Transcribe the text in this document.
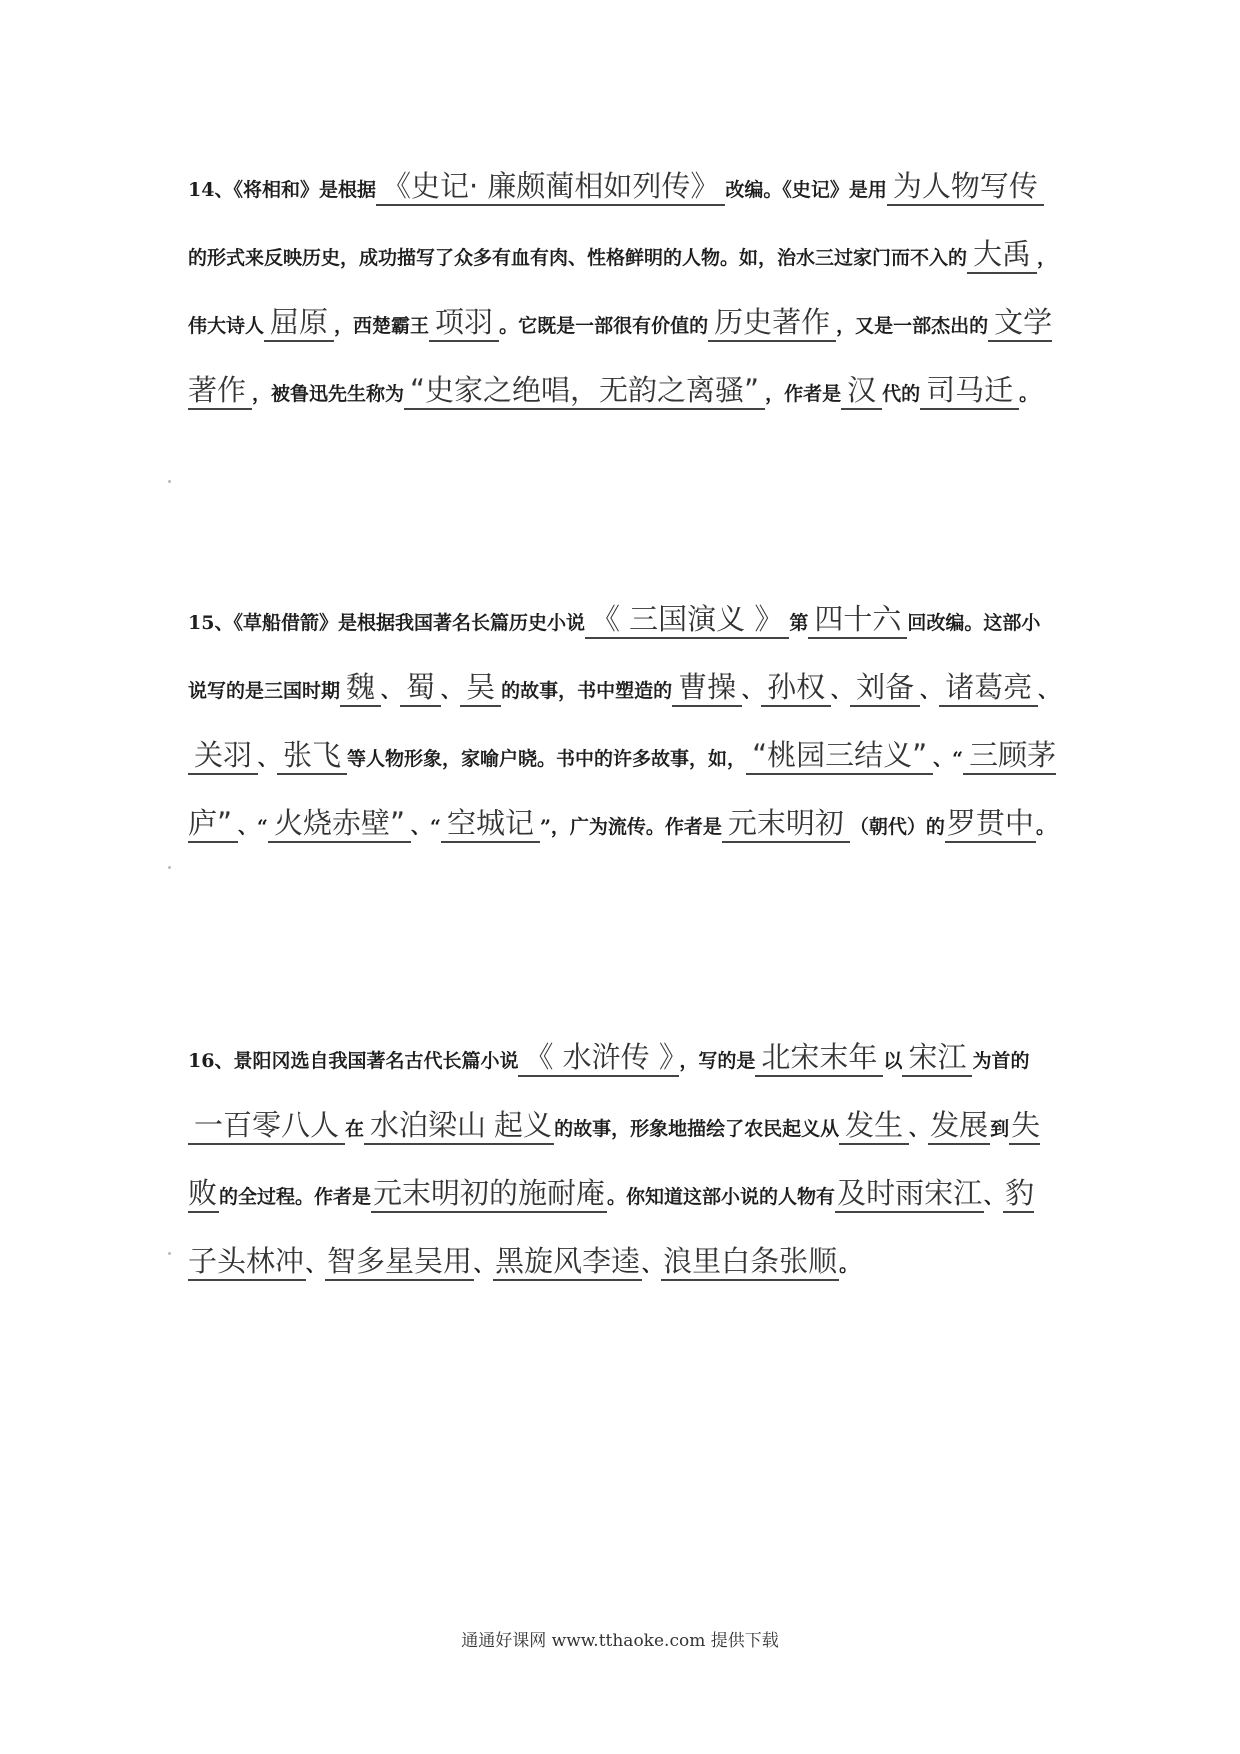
14、《将相和》是根据 《史记· 廉颇蔺相如列传》 改编。《史记》是用 为人物写传的形式来反映历史，成功描写了众多有血有肉、性格鲜明的人物。如，治水三过家门而不入的 大禹 ，伟大诗人 屈原 ，西楚霸王 项羽 。它既是一部很有价值的 历史著作 ，又是一部杰出的 文学著作 ，被鲁迅先生称为 “史家之绝唱，无韵之离骚” ，作者是 汉 代的 司马迁 。
15、《草船借箭》是根据我国著名长篇历史小说 《 三国演义 》 第 四十六 回改编。这部小说写的是三国时期 魏 、 蜀 、 吴 的故事，书中塑造的 曹操 、 孙权 、 刘备 、 诸葛亮 、关羽 、 张飞 等人物形象，家喻户晓。书中的许多故事，如， “桃园三结义” 、“ 三顾茅庐” 、“ 火烧赤壁” 、“ 空城记 ”，广为流传。作者是 元末明初 （朝代）的罗贯中 。
16、景阳冈选自我国著名古代长篇小说 《 水浒传 》 ，写的是 北宋末年 以 宋江 为首的一百零八人 在 水泊梁山 起义 的故事，形象地描绘了农民起义从 发生 、发展 到失败 的全过程。作者是元末明初的施耐庵 。你知道这部小说的人物有及时雨宋江 、豹子头林冲 、智多星吴用 、黑旋风李逵 、浪里白条张顺 。
通通好课网 www.tthaoke.com 提供下载
